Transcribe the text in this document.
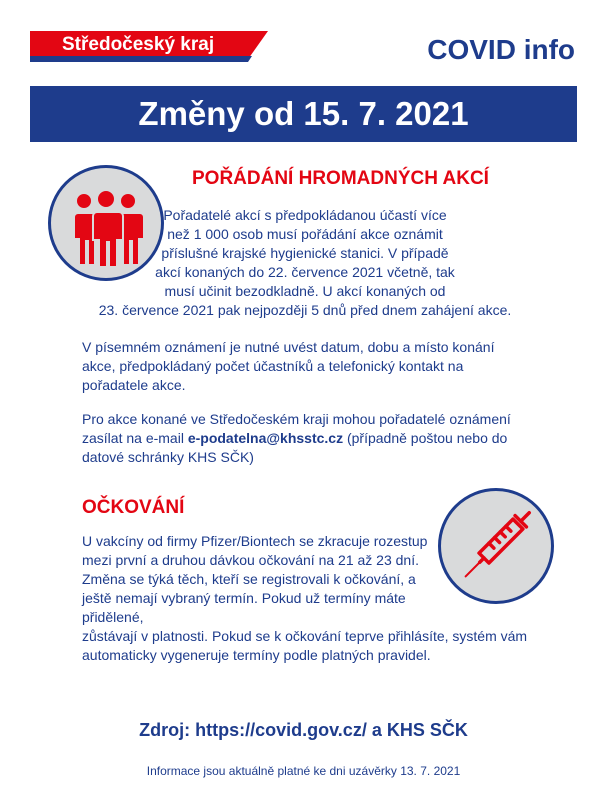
Středočeský kraj	COVID info
Změny od 15. 7. 2021
POŘÁDÁNÍ HROMADNÝCH AKCÍ
Pořadatelé akcí s předpokládanou účastí více
než 1 000 osob musí pořádání akce oznámit
příslušné krajské hygienické stanici. V případě
akcí konaných do 22. července 2021 včetně, tak
musí učinit bezodkladně. U akcí konaných od
23. července 2021 pak nejpozději 5 dnů před dnem zahájení akce.

V písemném oznámení je nutné uvést datum, dobu a místo konání akce, předpokládaný počet účastníků a telefonický kontakt na pořadatele akce.

Pro akce konané ve Středočeském kraji mohou pořadatelé oznámení zasílat na e-mail e-podatelna@khsstc.cz (případně poštou nebo do datové schránky KHS SČK)

OČKOVÁNÍ

U vakcíny od firmy Pfizer/Biontech se zkracuje rozestup mezi první a druhou dávkou očkování na 21 až 23 dní. Změna se týká těch, kteří se registrovali k očkování, a ještě nemají vybraný termín. Pokud už termíny máte přidělené,

zůstávají v platnosti. Pokud se k očkování teprve přihlásíte, systém vám automaticky vygeneruje termíny podle platných pravidel.

Zdroj: https://covid.gov.cz/ a KHS SČK
Informace jsou aktuálně platné ke dni uzávěrky 13. 7. 2021
